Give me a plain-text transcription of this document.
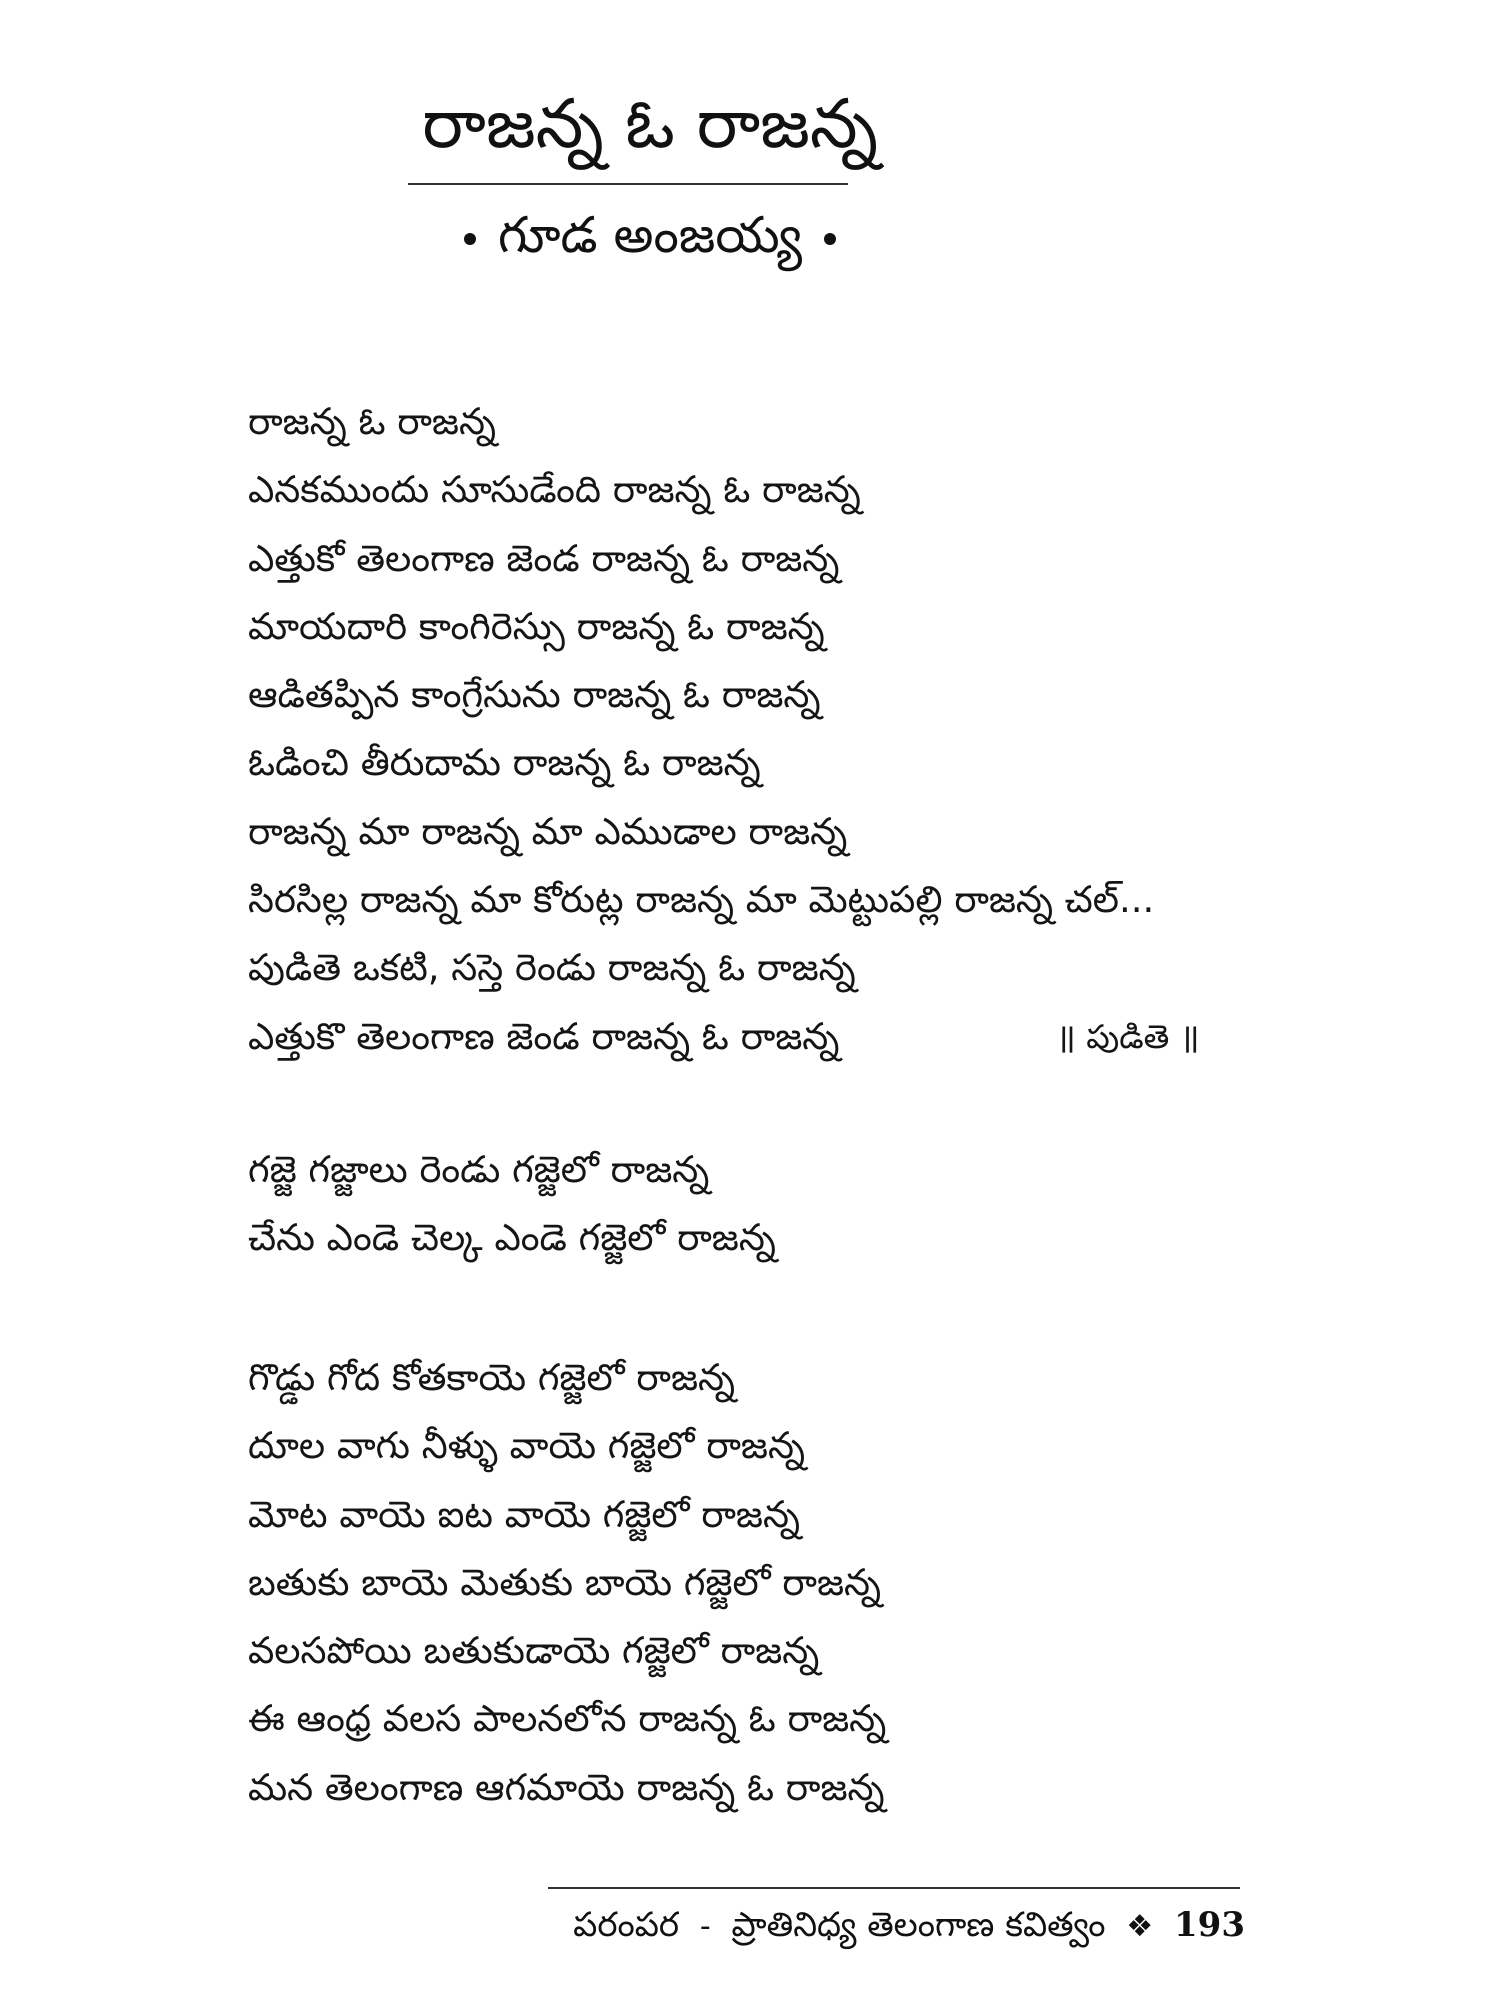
రాజన్న ఓ రాజన్న
గూడ అంజయ్య
రాజన్న ఓ రాజన్న
ఎనకముందు సూసుడేంది రాజన్న ఓ రాజన్న
ఎత్తుకో తెలంగాణ జెండ రాజన్న ఓ రాజన్న
మాయదారి కాంగిరెస్సు రాజన్న ఓ రాజన్న
ఆడితప్పిన కాంగ్రేసును రాజన్న ఓ రాజన్న
ఓడించి తీరుదామ రాజన్న ఓ రాజన్న
రాజన్న మా రాజన్న మా ఎముడాల రాజన్న
సిరసిల్ల రాజన్న మా కోరుట్ల రాజన్న మా మెట్టుపల్లి రాజన్న చల్...
పుడితె ఒకటి, సస్తె రెండు రాజన్న ఓ రాజన్న
ఎత్తుకొ తెలంగాణ జెండ రాజన్న ఓ రాజన్న	॥ పుడితె ॥
గజ్జె గజ్జాలు రెండు గజ్జెలో రాజన్న
చేను ఎండె చెల్క ఎండె గజ్జెలో రాజన్న
గొడ్డు గోద కోతకాయె గజ్జెలో రాజన్న
దూల వాగు నీళ్ళు వాయె గజ్జెలో రాజన్న
మోట వాయె ఐట వాయె గజ్జెలో రాజన్న
బతుకు బాయె మెతుకు బాయె గజ్జెలో రాజన్న
వలసపోయి బతుకుడాయె గజ్జెలో రాజన్న
ఈ ఆంధ్ర వలస పాలనలోన రాజన్న ఓ రాజన్న
మన తెలంగాణ ఆగమాయె రాజన్న ఓ రాజన్న
పరంపర - ప్రాతినిధ్య తెలంగాణ కవిత్వం ❖ 193
